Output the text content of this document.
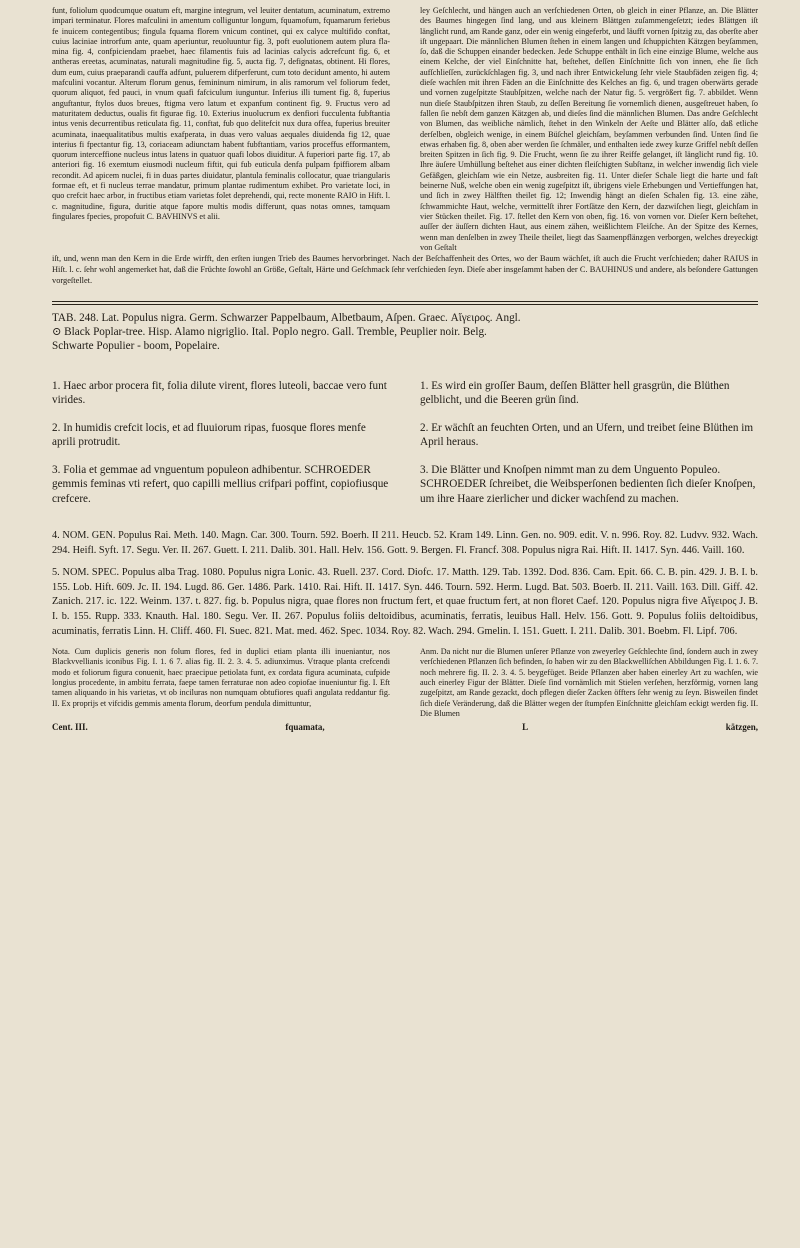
funt, foliolum quodcumque ouatum eft, margine integrum, vel leuiter dentatum, acuminatum, extremo impari terminatur. Flores mafculini in amentum colliguntur longum, fquamofum, fquamarum feriebus fe inuicem contegentibus; fingula fquama florem vnicum continet, qui ex calyce multifido conftat, cuius laciniae introrfum ante, quam aperiuntur, reuoluuntur fig. 3, poft euolutionem autem plura flamina fig. 4, confpiciendam praebet, haec filamentis fuis ad lacinias calycis adcrefcunt fig. 6, et antheras ereetas, acuminatas, naturali magnitudine fig. 5, aucta fig. 7, defignatas, obtinent. Hi flores, dum eum, cuius praeparandi cauffa adfunt, puluerem difperferunt, cum toto decidunt amento, hi autem mafculini vocantur. Alterum florum genus, femininum nimirum, in alis ramorum vel foliorum fedet, quorum aliquot, fed pauci, in vnum quafi fafciculum iunguntur. Inferius illi tument fig. 8, fuperius anguftantur, ftylos duos breues, ftigma vero latum et expanfum continent fig. 9. Fructus vero ad maturitatem deductus, oualis fit figurae fig. 10. Exterius inuolucrum ex denfiori fucculenta fubftantia intus venis decurrentibus reticulata fig. 11, conftat, fub quo delitefcit nux dura offea, fuperius breuiter acuminata, inaequalitatibus multis exafperata, in duas vero valuas aequales diuidenda fig 12, quae interius fi fpectantur fig. 13, coriaceam adiunctam habent fubftantiam, varios proceffus efformantem, quorum interceffione nucleus intus latens in quatuor quafi lobos diuiditur. A fuperiori parte fig. 17, ab anteriori fig. 16 exemtum eiusmodi nucleum fiftit, qui fub euticula denfa pulpam fpiffiorem albam recondit. Ad apicem nuclei, fi in duas partes diuidatur, plantula feminalis collocatur, quae triangularis formae eft, et fi nucleus terrae mandatur, primum plantae rudimentum exhibet. Pro varietate loci, in quo crefcit haec arbor, in fructibus etiam varietas folet deprehendi, qui, recte monente RAIO in Hift. l. c. magnitudine, figura, duritie atque fapore multis modis differunt, quas notas omnes, tamquam fingulares fpecies, propofuit C. BAVHINVS et alii.

ley Geſchlecht, und hängen auch an verſchiedenen Orten, ob gleich in einer Pflanze, an. Die Blätter des Baumes hingegen ſind lang, und aus kleinern Blättgen zuſammengeſetzt; iedes Blättgen iſt länglicht rund, am Rande ganz, oder ein wenig eingeferbt, und läufft vornen ſpitzig zu, das oberſte aber iſt ungepaart. Die männlichen Blumen ſtehen in einem langen und ſchuppichten Kätzgen beyſammen, ſo, daß die Schuppen einander bedecken. Jede Schuppe enthält in ſich eine einzige Blume, welche aus einem Kelche, der viel Einſchnitte hat, beſtehet, deſſen Einſchnitte ſich von innen, ehe ſie ſich aufſchlieſſen, zurückſchlagen fig. 3, und nach ihrer Entwickelung ſehr viele Staubfäden zeigen fig. 4; dieſe wachſen mit ihren Fäden an die Einſchnitte des Kelches an fig. 6, und tragen oberwärts gerade und vornen zugeſpitzte Staubſpitzen, welche nach der Natur fig. 5. vergrößert fig. 7. abbildet. Wenn nun dieſe Staubſpitzen ihren Staub, zu deſſen Bereitung ſie vornemlich dienen, ausgeſtreuet haben, ſo fallen ſie nebſt dem ganzen Kätzgen ab, und dieſes ſind die männlichen Blumen. Das andre Geſchlecht von Blumen, das weibliche nämlich, ſtehet in den Winkeln der Aeſte und Blätter alſo, daß etliche derſelben, obgleich wenige, in einem Büſchel gleichſam, beyſammen verbunden ſind. Unten ſind ſie etwas erhaben fig. 8, oben aber werden ſie ſchmäler, und enthalten iede zwey kurze Griffel nebſt deſſen breiten Spitzen in ſich fig. 9. Die Frucht, wenn ſie zu ihrer Reiffe gelanget, iſt länglicht rund fig. 10. Ihre äuſere Umhüllung beſtehet aus einer dichten fleiſchigten Subſtanz, in welcher inwendig ſich viele Gefäßgen, gleichſam wie ein Netze, ausbreiten fig. 11. Unter dieſer Schale liegt die harte und faſt beinerne Nuß, welche oben ein wenig zugeſpitzt iſt, übrigens viele Erhebungen und Vertieffungen hat, und ſich in zwey Hälfften theilet fig. 12; Inwendig hängt an dieſen Schalen fig. 13. eine zähe, ſchwammichte Haut, welche, vermittelſt ihrer Fortſätze den Kern, der dazwiſchen liegt, gleichſam in vier Stücken theilet. Fig. 17. ſtellet den Kern von oben, fig. 16. von vornen vor. Dieſer Kern beſtehet, auſſer der äuſſern dichten Haut, aus einem zähen, weißlichtem Fleiſche. An der Spitze des Kernes, wenn man denſelben in zwey Theile theilet, liegt das Saamenpflänzgen verborgen, welches dreyeckigt von Geſtalt

iſt, und, wenn man den Kern in die Erde wirfft, den erſten iungen Trieb des Baumes hervorbringet. Nach der Beſchaffenheit des Ortes, wo der Baum wächſet, iſt auch die Frucht verſchieden; daher RAIUS in Hiſt. l. c. ſehr wohl angemerket hat, daß die Früchte ſowohl an Größe, Geſtalt, Härte und Geſchmack ſehr verſchieden ſeyn. Dieſe aber insgeſammt haben der C. BAUHINUS und andere, als beſondere Gattungen vorgeſtellet.
TAB. 248. Lat. Populus nigra. Germ. Schwarzer Pappelbaum, Albetbaum, Aſpen. Graec. Αἴγειρος. Angl.
⊙ Black Poplar-tree. Hisp. Alamo nigriglio. Ital. Poplo negro. Gall. Tremble, Peuplier noir. Belg.
Schwarte Populier - boom, Popelaire.

1. Haec arbor procera fit, folia dilute virent, flores luteoli, baccae vero funt virides.

2. In humidis crefcit locis, et ad fluuiorum ripas, fuosque flores menfe aprili protrudit.

3. Folia et gemmae ad vnguentum populeon adhibentur. SCHROEDER gemmis feminas vti refert, quo capilli mellius crifpari poffint, copiofiusque crefcere.

1. Es wird ein groſſer Baum, deſſen Blätter hell grasgrün, die Blüthen gelblicht, und die Beeren grün ſind.

2. Er wächſt an feuchten Orten, und an Ufern, und treibet ſeine Blüthen im April heraus.

3. Die Blätter und Knoſpen nimmt man zu dem Unguento Populeo. SCHROEDER ſchreibet, die Weibsperſonen bedienten ſich dieſer Knoſpen, um ihre Haare zierlicher und dicker wachſend zu machen.

4. NOM. GEN. Populus Rai. Meth. 140. Magn. Car. 300. Tourn. 592. Boerh. II 211. Heucb. 52. Kram 149. Linn. Gen. no. 909. edit. V. n. 996. Roy. 82. Ludvv. 932. Wach. 294. Heifl. Syft. 17. Segu. Ver. II. 267. Guett. I. 211. Dalib. 301. Hall. Helv. 156. Gott. 9. Bergen. Fl. Francf. 308. Populus nigra Rai. Hift. II. 1417. Syn. 446. Vaill. 160.

5. NOM. SPEC. Populus alba Trag. 1080. Populus nigra Lonic. 43. Ruell. 237. Cord. Diofc. 17. Matth. 129. Tab. 1392. Dod. 836. Cam. Epit. 66. C. B. pin. 429. J. B. I. b. 155. Lob. Hift. 609. Jc. II. 194. Lugd. 86. Ger. 1486. Park. 1410. Rai. Hift. II. 1417. Syn. 446. Tourn. 592. Herm. Lugd. Bat. 503. Boerb. II. 211. Vaill. 163. Dill. Giff. 42. Zanich. 217. ic. 122. Weinm. 137. t. 827. fig. b. Populus nigra, quae flores non fructum fert, et quae fructum fert, at non floret Caef. 120. Populus nigra five Αἴγειρος J. B. I. b. 155. Rupp. 333. Knauth. Hal. 180. Segu. Ver. II. 267. Populus foliis deltoidibus, acuminatis, ferratis, leuibus Hall. Helv. 156. Gott. 9. Populus foliis deltoidibus, acuminatis, ferratis Linn. H. Cliff. 460. Fl. Suec. 821. Mat. med. 462. Spec. 1034. Roy. 82. Wach. 294. Gmelin. I. 151. Guett. I. 211. Dalib. 301. Boebm. Fl. Lipf. 706.

Nota. Cum duplicis generis non folum flores, fed in duplici etiam planta illi inueniantur, nos Blackvvellianis iconibus Fig. I. 1. 6 7. alias fig. II. 2. 3. 4. 5. adiunximus. Vtraque planta crefcendi modo et foliorum figura conuenit, haec praecipue petiolata funt, ex cordata figura acuminata, cufpide longius procedente, in ambitu ferrata, faepe tamen ferraturae non adeo copiofae inueniuntur fig. I. Eft tamen aliquando in his varietas, vt ob inciluras non numquam obtufiores quafi angulata reddantur fig. II. Ex proprijs et vifcidis gemmis amenta florum, deorfum pendula dimittuntur,

Anm. Da nicht nur die Blumen unſerer Pflanze von zweyerley Geſchlechte ſind, ſondern auch in zwey verſchiedenen Pflanzen ſich befinden, ſo haben wir zu den Blackwelliſchen Abbildungen Fig. I. 1. 6. 7. noch mehrere fig. II. 2. 3. 4. 5. beygefüget. Beide Pflanzen aber haben einerley Art zu wachſen, wie auch einerley Figur der Blätter. Dieſe ſind vornämlich mit Stielen verſehen, herzförmig, vornen lang zugeſpitzt, am Rande gezackt, doch pflegen dieſer Zacken öffters ſehr wenig zu ſeyn. Bisweilen findet ſich dieſe Veränderung, daß die Blätter wegen der ſtumpfen Einſchnitte gleichſam eckigt werden fig. II. Die Blumen

Cent. III.	fquamata,	L	kätzgen,
